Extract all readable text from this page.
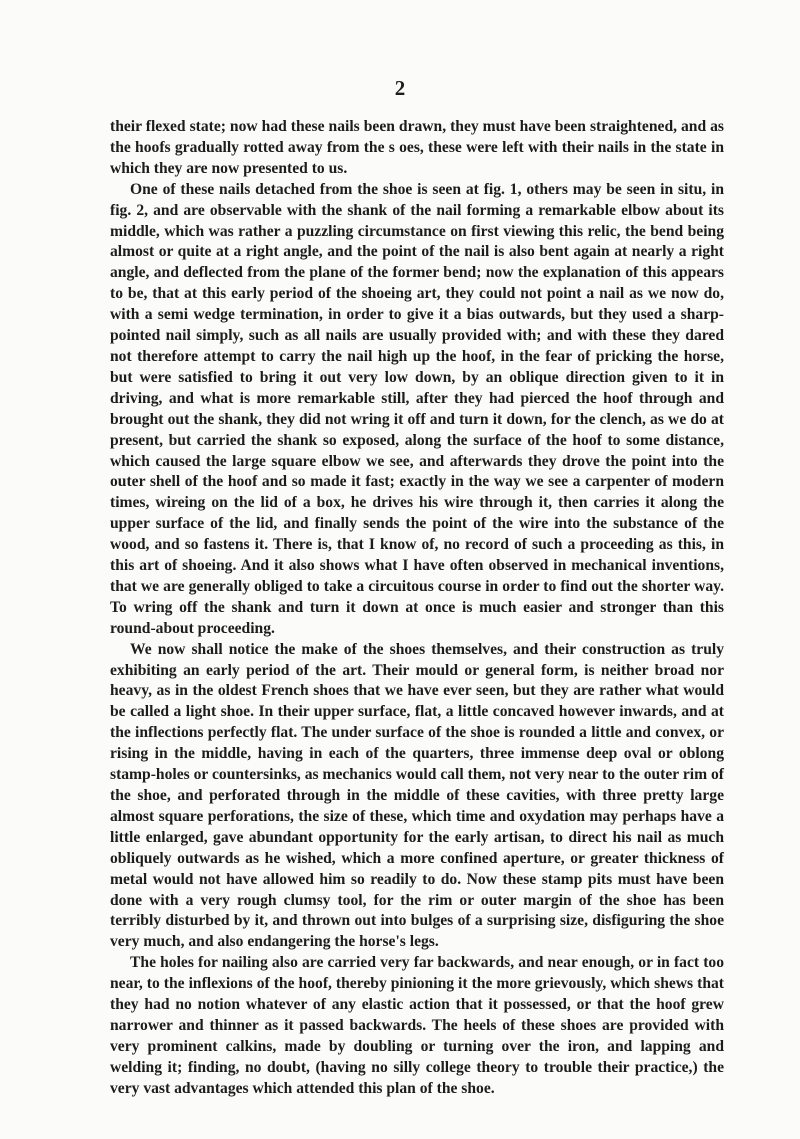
2

their flexed state; now had these nails been drawn, they must have been straightened, and as the hoofs gradually rotted away from the s oes, these were left with their nails in the state in which they are now presented to us.

One of these nails detached from the shoe is seen at fig. 1, others may be seen in situ, in fig. 2, and are observable with the shank of the nail forming a remarkable elbow about its middle, which was rather a puzzling circumstance on first viewing this relic, the bend being almost or quite at a right angle, and the point of the nail is also bent again at nearly a right angle, and deflected from the plane of the former bend; now the explanation of this appears to be, that at this early period of the shoeing art, they could not point a nail as we now do, with a semi wedge termination, in order to give it a bias outwards, but they used a sharp-pointed nail simply, such as all nails are usually provided with; and with these they dared not therefore attempt to carry the nail high up the hoof, in the fear of pricking the horse, but were satisfied to bring it out very low down, by an oblique direction given to it in driving, and what is more remarkable still, after they had pierced the hoof through and brought out the shank, they did not wring it off and turn it down, for the clench, as we do at present, but carried the shank so exposed, along the surface of the hoof to some distance, which caused the large square elbow we see, and afterwards they drove the point into the outer shell of the hoof and so made it fast; exactly in the way we see a carpenter of modern times, wireing on the lid of a box, he drives his wire through it, then carries it along the upper surface of the lid, and finally sends the point of the wire into the substance of the wood, and so fastens it. There is, that I know of, no record of such a proceeding as this, in this art of shoeing. And it also shows what I have often observed in mechanical inventions, that we are generally obliged to take a circuitous course in order to find out the shorter way. To wring off the shank and turn it down at once is much easier and stronger than this round-about proceeding.

We now shall notice the make of the shoes themselves, and their construction as truly exhibiting an early period of the art. Their mould or general form, is neither broad nor heavy, as in the oldest French shoes that we have ever seen, but they are rather what would be called a light shoe. In their upper surface, flat, a little concaved however inwards, and at the inflections perfectly flat. The under surface of the shoe is rounded a little and convex, or rising in the middle, having in each of the quarters, three immense deep oval or oblong stamp-holes or countersinks, as mechanics would call them, not very near to the outer rim of the shoe, and perforated through in the middle of these cavities, with three pretty large almost square perforations, the size of these, which time and oxydation may perhaps have a little enlarged, gave abundant opportunity for the early artisan, to direct his nail as much obliquely outwards as he wished, which a more confined aperture, or greater thickness of metal would not have allowed him so readily to do. Now these stamp pits must have been done with a very rough clumsy tool, for the rim or outer margin of the shoe has been terribly disturbed by it, and thrown out into bulges of a surprising size, disfiguring the shoe very much, and also endangering the horse's legs.

The holes for nailing also are carried very far backwards, and near enough, or in fact too near, to the inflexions of the hoof, thereby pinioning it the more grievously, which shews that they had no notion whatever of any elastic action that it possessed, or that the hoof grew narrower and thinner as it passed backwards. The heels of these shoes are provided with very prominent calkins, made by doubling or turning over the iron, and lapping and welding it; finding, no doubt, (having no silly college theory to trouble their practice,) the very vast advantages which attended this plan of the shoe.
